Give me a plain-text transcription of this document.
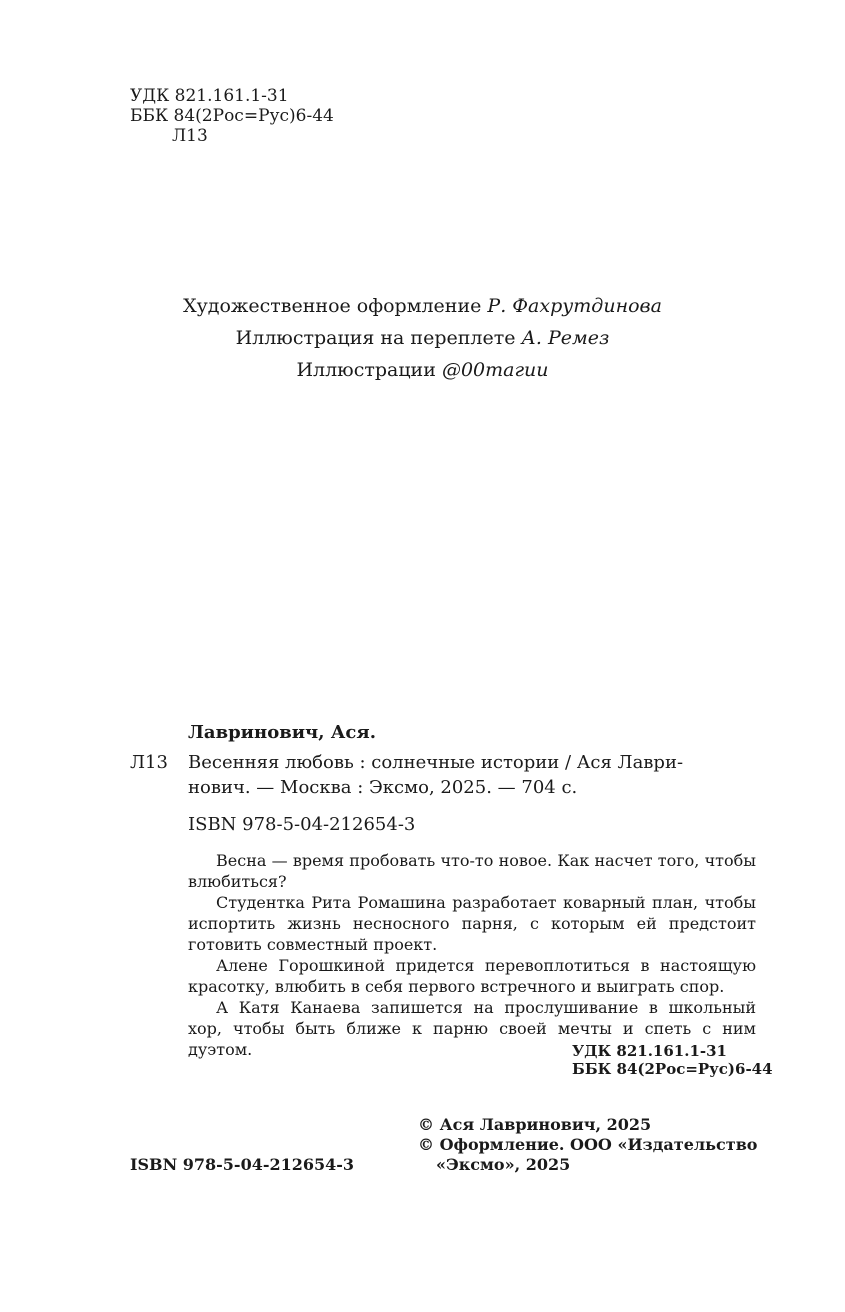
УДК 821.161.1-31
ББК 84(2Рос=Рус)6-44
Л13
Художественное оформление Р. Фахрутдинова
Иллюстрация на переплете А. Ремез
Иллюстрации @00тагии
Лавринович, Ася.
Л13 Весенняя любовь : солнечные истории / Ася Лаври-
нович. — Москва : Эксмо, 2025. — 704 с.
ISBN 978-5-04-212654-3

Весна — время пробовать что-то новое. Как насчет того, чтобы влюбиться?

Студентка Рита Ромашина разработает коварный план, чтобы испортить жизнь несносного парня, с которым ей предстоит готовить совместный проект.

Алене Горошкиной придется перевоплотиться в настоящую красотку, влюбить в себя первого встречного и выиграть спор.

А Катя Канаева запишется на прослушивание в школьный хор, чтобы быть ближе к парню своей мечты и спеть с ним дуэтом.	УДК 821.161.1-31
ББК 84(2Рос=Рус)6-44
© Ася Лавринович, 2025
© Оформление. ООО «Издательство
«Эксмо», 2025
ISBN 978-5-04-212654-3
